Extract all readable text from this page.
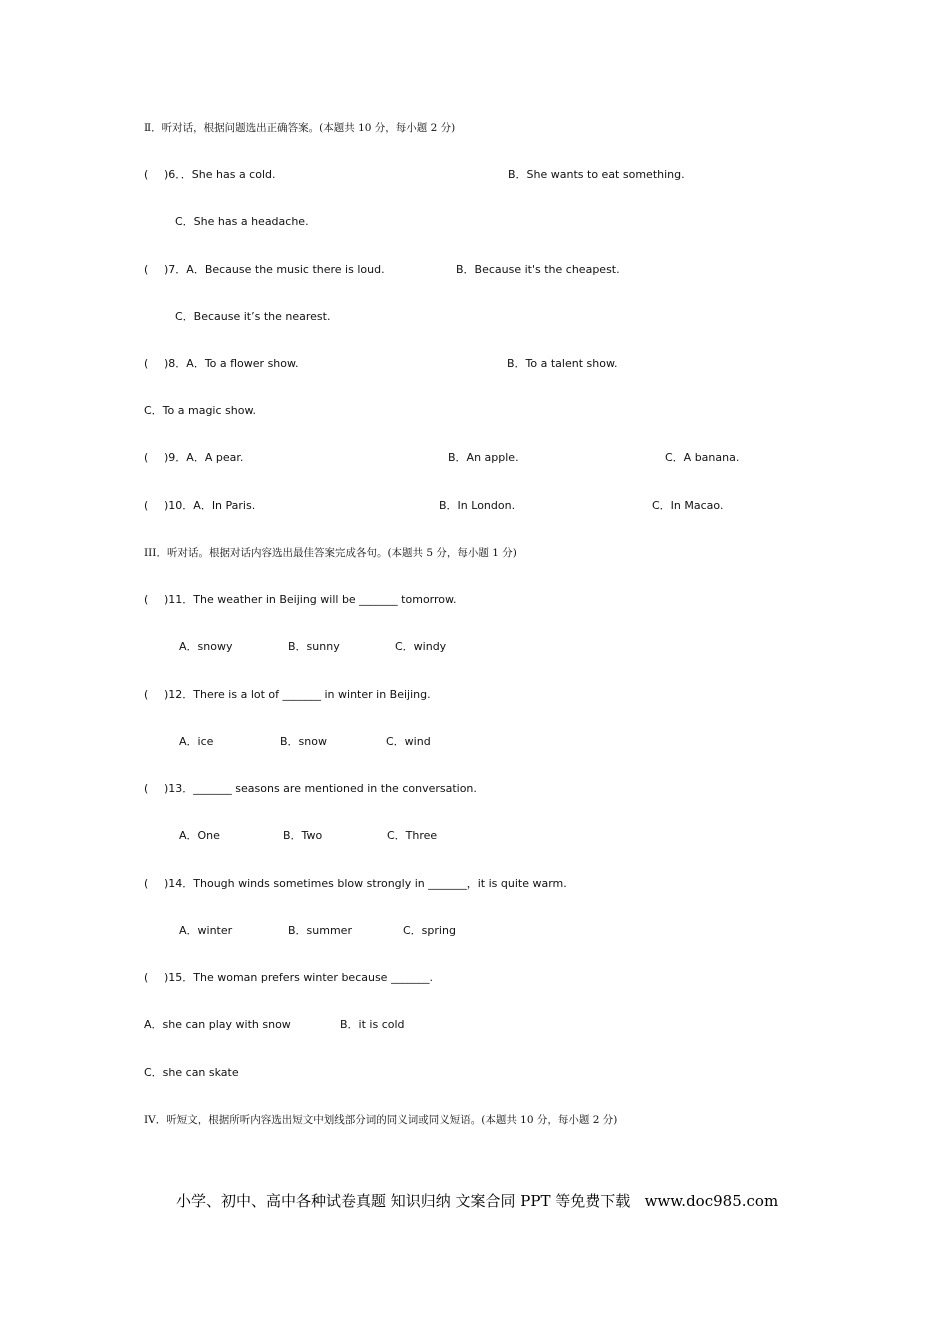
Ⅱ．听对话，根据问题选出正确答案。(本题共 10 分，每小题 2 分)
( )6．．She has a cold.	B．She wants to eat something.
C．She has a headache.
( )7．A．Because the music there is loud.	B．Because it's the cheapest.
C．Because it’s the nearest.
( )8．A．To a flower show.	B．To a talent show.
C．To a magic show.
( )9．A．A pear.	B．An apple.	C．A banana.
( )10．A．In Paris.	B．In London.	C．In Macao.
III．听对话。根据对话内容选出最佳答案完成各句。(本题共 5 分，每小题 1 分)
( )11．The weather in Beijing will be _______ tomorrow.
A．snowy	B．sunny	C．windy
( )12．There is a lot of _______ in winter in Beijing.
A．ice	B．snow	C．wind
( )13．_______ seasons are mentioned in the conversation.
A．One	B．Two	C．Three
( )14．Though winds sometimes blow strongly in _______，it is quite warm.
A．winter	B．summer	C．spring
( )15．The woman prefers winter because _______.
A．she can play with snow	B．it is cold
C．she can skate
IV．听短文，根据所听内容选出短文中划线部分词的同义词或同义短语。(本题共 10 分，每小题 2 分)
小学、初中、高中各种试卷真题 知识归纳 文案合同 PPT 等免费下载   www.doc985.com
